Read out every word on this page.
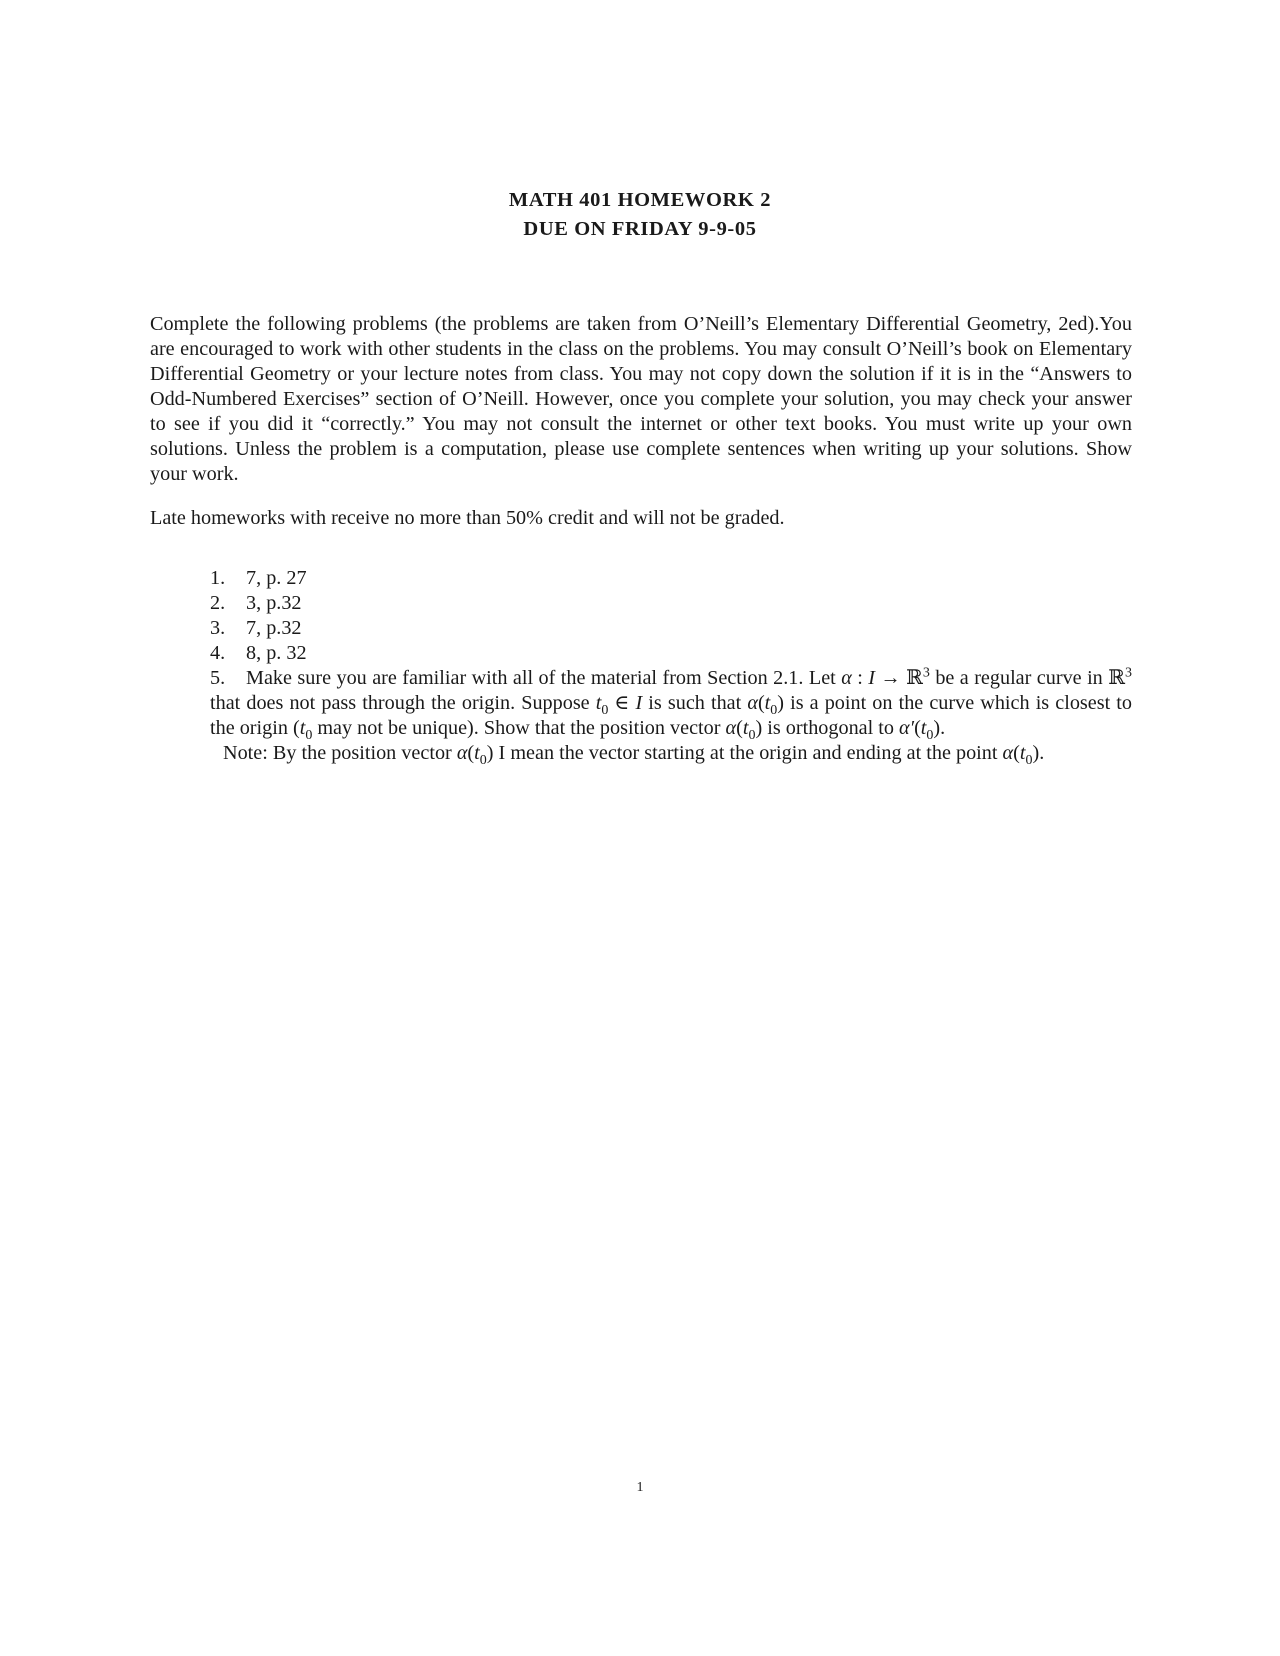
MATH 401 HOMEWORK 2
DUE ON FRIDAY 9-9-05

Complete the following problems (the problems are taken from O’Neill’s Elementary Differential Geometry, 2ed).You are encouraged to work with other students in the class on the problems. You may consult O’Neill’s book on Elementary Differential Geometry or your lecture notes from class. You may not copy down the solution if it is in the “Answers to Odd-Numbered Exercises” section of O’Neill. However, once you complete your solution, you may check your answer to see if you did it “correctly.” You may not consult the internet or other text books. You must write up your own solutions. Unless the problem is a computation, please use complete sentences when writing up your solutions. Show your work.

Late homeworks with receive no more than 50% credit and will not be graded.

1. 7, p. 27
2. 3, p.32
3. 7, p.32
4. 8, p. 32
5. Make sure you are familiar with all of the material from Section 2.1. Let α : I → ℝ$^3$ be a regular curve in ℝ$^3$ that does not pass through the origin. Suppose $t_0$ ∈ I is such that $\alpha(t_0)$ is a point on the curve which is closest to the origin ($t_0$ may not be unique). Show that the position vector $\alpha(t_0)$ is orthogonal to $\alpha'(t_0)$.
Note: By the position vector $\alpha(t_0)$ I mean the vector starting at the origin and ending at the point $\alpha(t_0)$.
1
